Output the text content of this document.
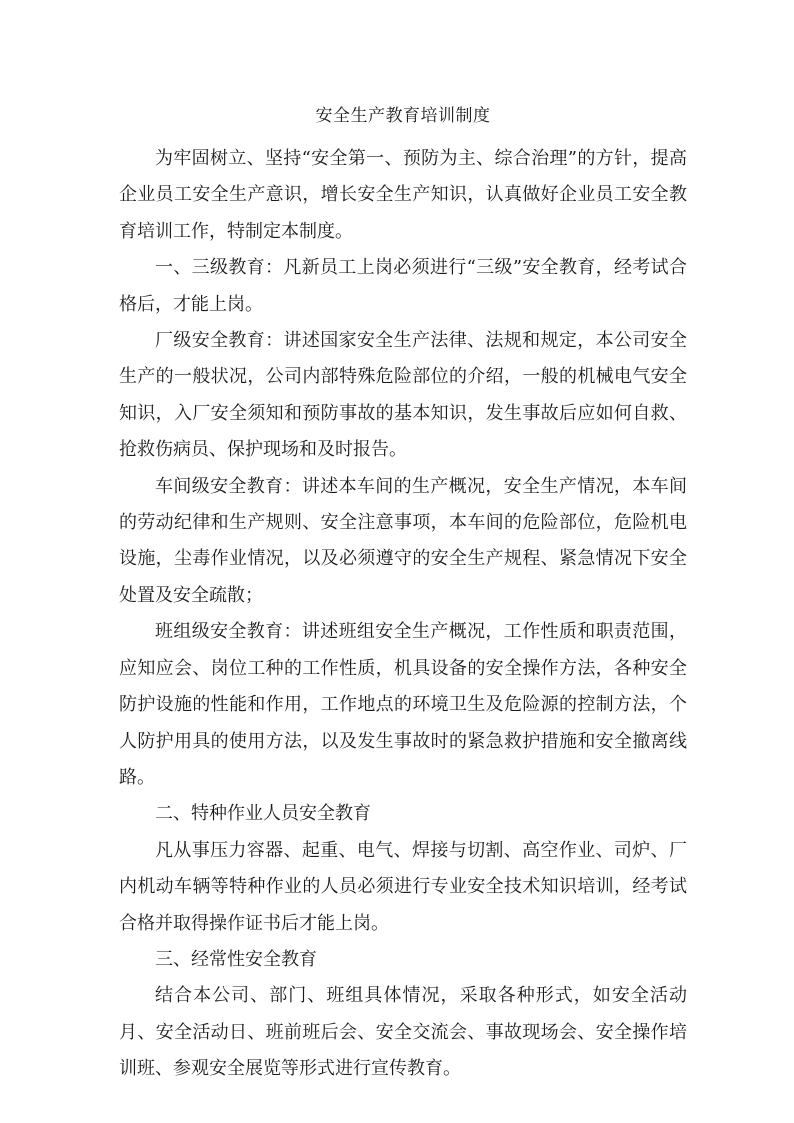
安全生产教育培训制度

为牢固树立、坚持“安全第一、预防为主、综合治理”的方针，提高企业员工安全生产意识，增长安全生产知识，认真做好企业员工安全教育培训工作，特制定本制度。

一、三级教育：凡新员工上岗必须进行“三级”安全教育，经考试合格后，才能上岗。

厂级安全教育：讲述国家安全生产法律、法规和规定，本公司安全生产的一般状况，公司内部特殊危险部位的介绍，一般的机械电气安全知识，入厂安全须知和预防事故的基本知识，发生事故后应如何自救、抢救伤病员、保护现场和及时报告。

车间级安全教育：讲述本车间的生产概况，安全生产情况，本车间的劳动纪律和生产规则、安全注意事项，本车间的危险部位，危险机电设施，尘毒作业情况，以及必须遵守的安全生产规程、紧急情况下安全处置及安全疏散；

班组级安全教育：讲述班组安全生产概况，工作性质和职责范围，应知应会、岗位工种的工作性质，机具设备的安全操作方法，各种安全防护设施的性能和作用，工作地点的环境卫生及危险源的控制方法，个人防护用具的使用方法，以及发生事故时的紧急救护措施和安全撤离线路。

二、特种作业人员安全教育

凡从事压力容器、起重、电气、焊接与切割、高空作业、司炉、厂内机动车辆等特种作业的人员必须进行专业安全技术知识培训，经考试合格并取得操作证书后才能上岗。

三、经常性安全教育

结合本公司、部门、班组具体情况，采取各种形式，如安全活动月、安全活动日、班前班后会、安全交流会、事故现场会、安全操作培训班、参观安全展览等形式进行宣传教育。
